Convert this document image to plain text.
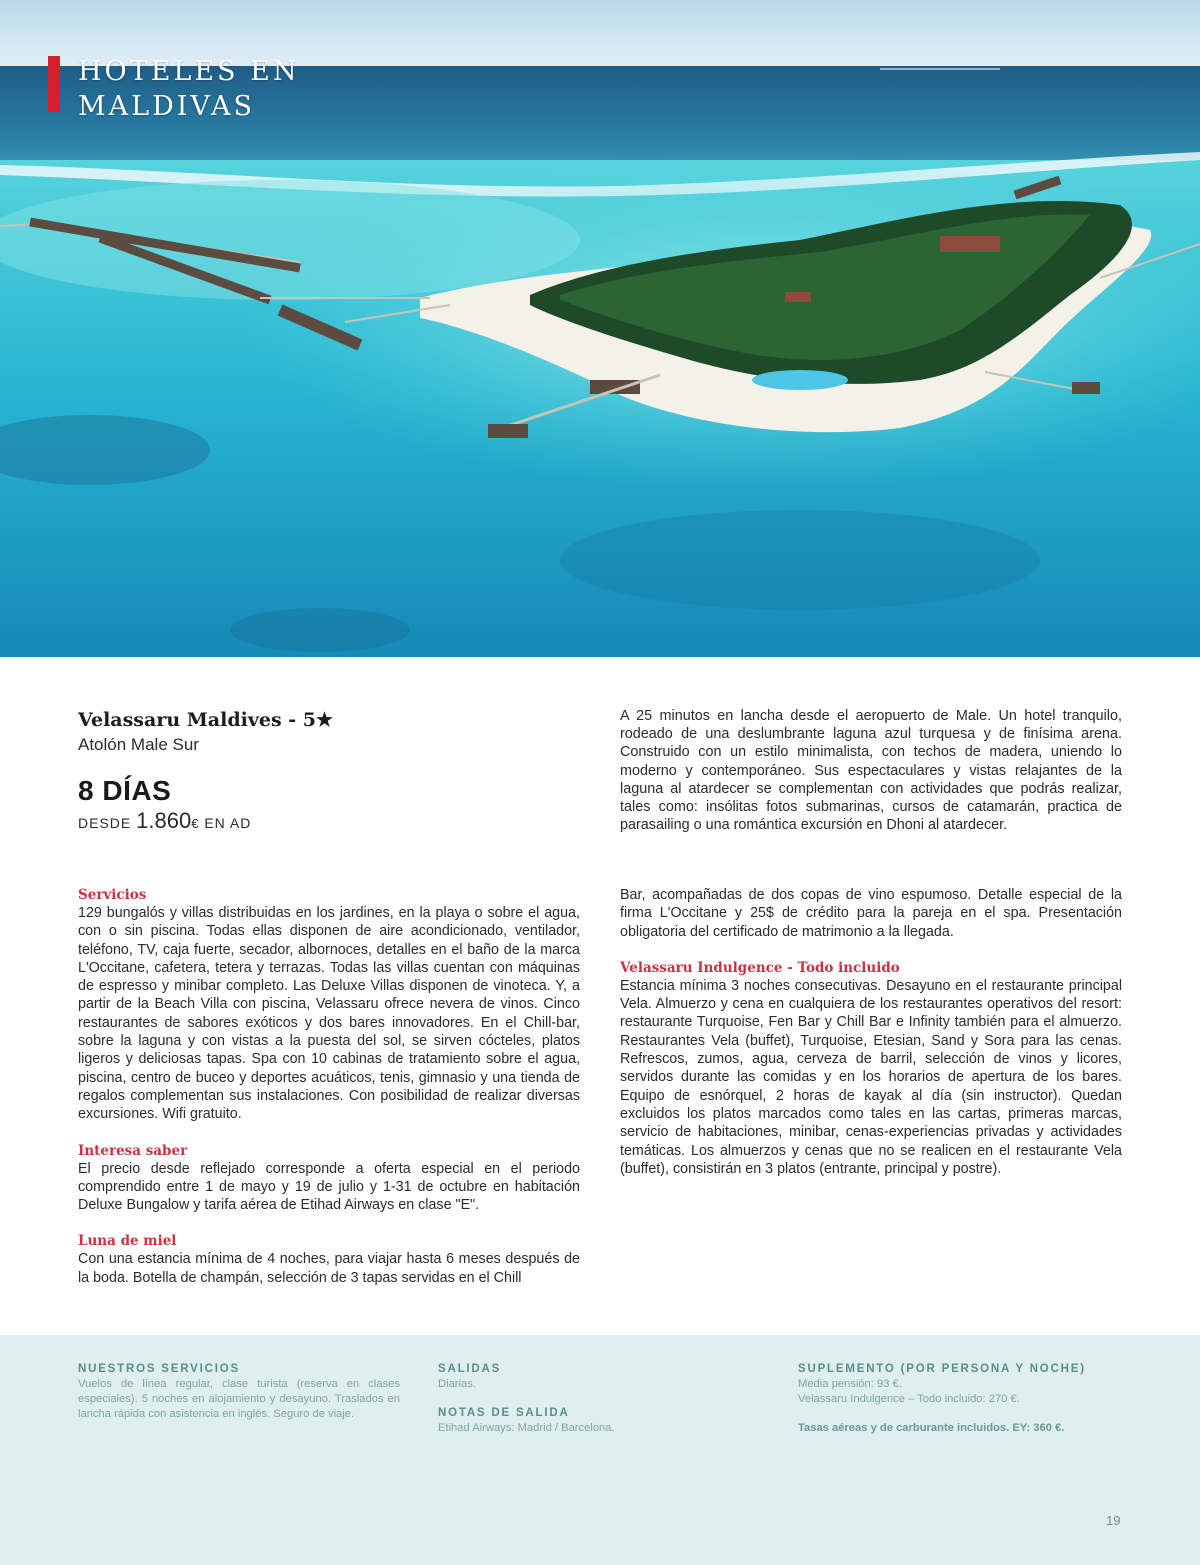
HOTELES EN
MALDIVAS
Velassaru Maldives - 5★
Atolón Male Sur
8 DÍAS
DESDE 1.860€ EN AD

A 25 minutos en lancha desde el aeropuerto de Male. Un hotel tranquilo, rodeado de una deslumbrante laguna azul turquesa y de finísima arena. Construido con un estilo minimalista, con techos de madera, uniendo lo moderno y contemporáneo. Sus espectaculares y vistas relajantes de la laguna al atardecer se complementan con actividades que podrás realizar, tales como: insólitas fotos submarinas, cursos de catamarán, practica de parasailing o una romántica excursión en Dhoni al atardecer.

Servicios

129 bungalós y villas distribuidas en los jardines, en la playa o sobre el agua, con o sin piscina. Todas ellas disponen de aire acondicionado, ventilador, teléfono, TV, caja fuerte, secador, albornoces, detalles en el baño de la marca L'Occitane, cafetera, tetera y terrazas. Todas las villas cuentan con máquinas de espresso y minibar completo. Las Deluxe Villas disponen de vinoteca. Y, a partir de la Beach Villa con piscina, Velassaru ofrece nevera de vinos. Cinco restaurantes de sabores exóticos y dos bares innovadores. En el Chill-bar, sobre la laguna y con vistas a la puesta del sol, se sirven cócteles, platos ligeros y deliciosas tapas. Spa con 10 cabinas de tratamiento sobre el agua, piscina, centro de buceo y deportes acuáticos, tenis, gimnasio y una tienda de regalos complementan sus instalaciones. Con posibilidad de realizar diversas excursiones. Wifi gratuito.

Interesa saber

El precio desde reflejado corresponde a oferta especial en el periodo comprendido entre 1 de mayo y 19 de julio y 1-31 de octubre en habitación Deluxe Bungalow y tarifa aérea de Etihad Airways en clase "E".

Luna de miel

Con una estancia mínima de 4 noches, para viajar hasta 6 meses después de la boda. Botella de champán, selección de 3 tapas servidas en el Chill

Bar, acompañadas de dos copas de vino espumoso. Detalle especial de la firma L'Occitane y 25$ de crédito para la pareja en el spa. Presentación obligatoria del certificado de matrimonio a la llegada.

Velassaru Indulgence - Todo incluido

Estancia mínima 3 noches consecutivas. Desayuno en el restaurante principal Vela. Almuerzo y cena en cualquiera de los restaurantes operativos del resort: restaurante Turquoise, Fen Bar y Chill Bar e Infinity también para el almuerzo. Restaurantes Vela (buffet), Turquoise, Etesian, Sand y Sora para las cenas. Refrescos, zumos, agua, cerveza de barril, selección de vinos y licores, servidos durante las comidas y en los horarios de apertura de los bares. Equipo de esnórquel, 2 horas de kayak al día (sin instructor). Quedan excluidos los platos marcados como tales en las cartas, primeras marcas, servicio de habitaciones, minibar, cenas-experiencias privadas y actividades temáticas. Los almuerzos y cenas que no se realicen en el restaurante Vela (buffet), consistirán en 3 platos (entrante, principal y postre).

NUESTROS SERVICIOS
Vuelos de línea regular, clase turista (reserva en clases especiales). 5 noches en alojamiento y desayuno. Traslados en lancha rápida con asistencia en inglés. Seguro de viaje.
SALIDAS
Diarias.
NOTAS DE SALIDA
Etihad Airways: Madrid / Barcelona.
SUPLEMENTO (POR PERSONA Y NOCHE)
Media pensión: 93 €.
Velassaru Indulgence – Todo incluido: 270 €.
Tasas aéreas y de carburante incluidos. EY: 360 €.
19
